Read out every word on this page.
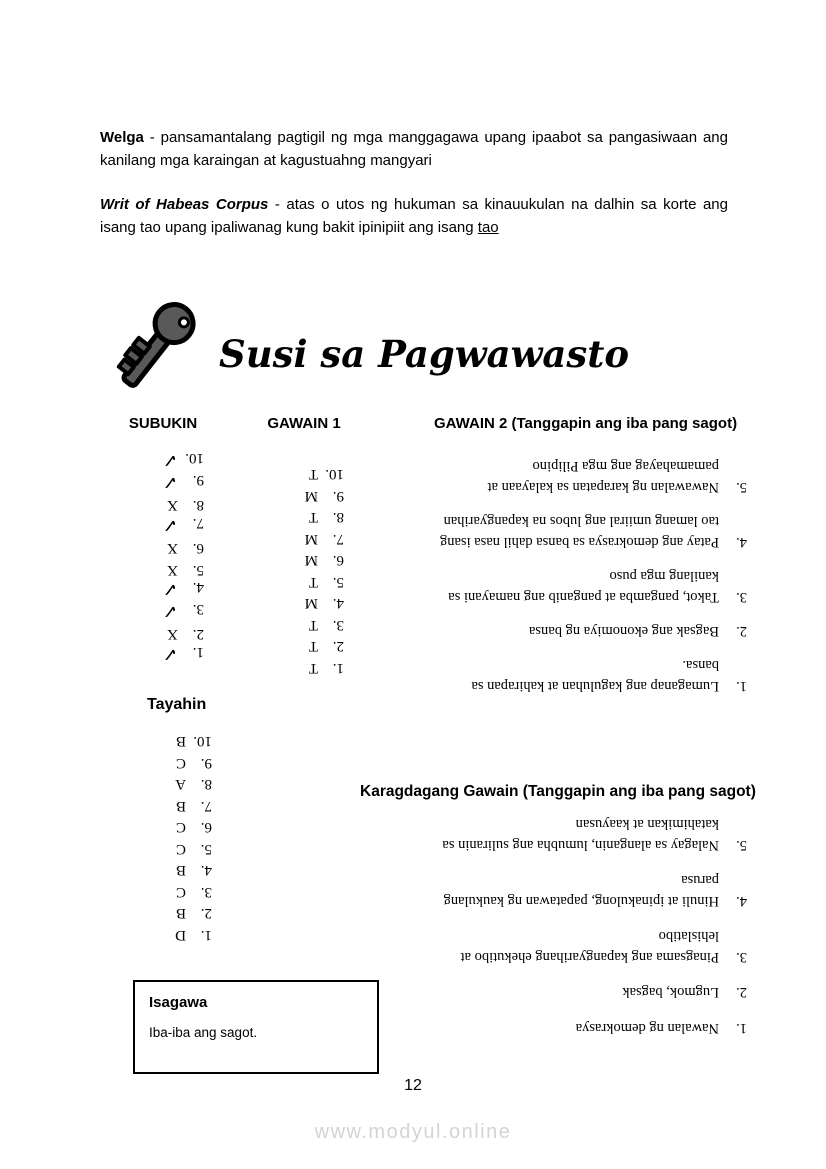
Welga - pansamantalang pagtigil ng mga manggagawa upang ipaabot sa pangasiwaan ang kanilang mga karaingan at kagustuahng mangyari
Writ of Habeas Corpus - atas o utos ng hukuman sa kinauukulan na dalhin sa korte ang isang tao upang ipaliwanag kung bakit ipinipiit ang isang tao
Susi sa Pagwawasto
SUBUKIN	GAWAIN 1	GAWAIN 2 (Tanggapin ang iba pang sagot)
1.
✓
2.
X
3.
✓
4.
✓
5.
X
6.
X
7.
✓
8.
X
9.
✓
10.
✓
1.
T
2.
T
3.
T
4.
M
5.
T
6.
M
7.
M
8.
T
9.
M
10.
T
1.
Lumaganap ang kaguluhan at kahirapan sa bansa.
2.
Bagsak ang ekonomiya ng bansa
3.
Takot, pangamba at panganib ang namayani sa kanilang mga puso
4.
Patay ang demokrasya sa bansa dahil nasa isang tao lamang umiiral ang lubos na kapangyarihan
5.
Nawawalan ng karapatan sa kalayaan at pamamahayag ang mga Pilipino
Tayahin
1.
D
2.
B
3.
C
4.
B
5.
C
6.
C
7.
B
8.
A
9.
C
10.
B
Karagdagang Gawain (Tanggapin ang iba pang sagot)
1.
Nawalan ng demokrasya
2.
Lugmok, bagsak
3.
Pinagsama ang kapangyarihang ehekutibo at lehislatibo
4.
Hinuli at ipinakulong, papatawan ng kaukulang parusa
5.
Nalagay sa alanganin, lumubha ang suliranin sa katahimikan at kaayusan
Isagawa
Iba-iba ang sagot.
12
www.modyul.online
